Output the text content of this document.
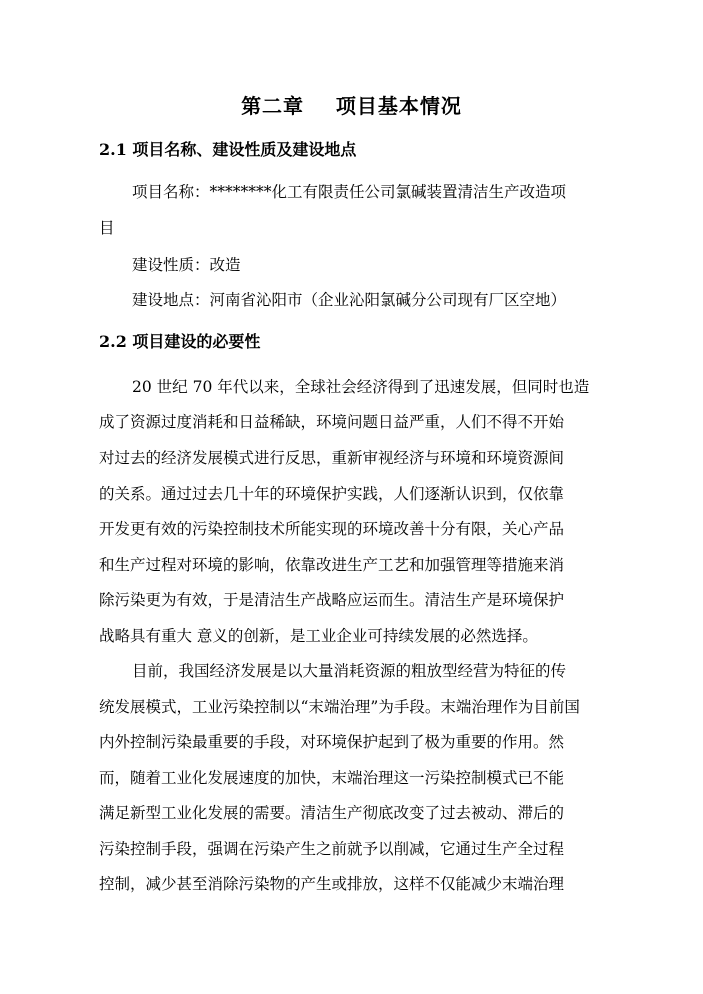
第二章    项目基本情况
2.1 项目名称、建设性质及建设地点
项目名称：********化工有限责任公司氯碱装置清洁生产改造项
目
建设性质：改造
建设地点：河南省沁阳市（企业沁阳氯碱分公司现有厂区空地）
2.2 项目建设的必要性
20 世纪 70 年代以来，全球社会经济得到了迅速发展，但同时也造
成了资源过度消耗和日益稀缺，环境问题日益严重，人们不得不开始
对过去的经济发展模式进行反思，重新审视经济与环境和环境资源间
的关系。通过过去几十年的环境保护实践，人们逐渐认识到，仅依靠
开发更有效的污染控制技术所能实现的环境改善十分有限，关心产品
和生产过程对环境的影响，依靠改进生产工艺和加强管理等措施来消
除污染更为有效，于是清洁生产战略应运而生。清洁生产是环境保护
战略具有重大 意义的创新，是工业企业可持续发展的必然选择。
目前，我国经济发展是以大量消耗资源的粗放型经营为特征的传
统发展模式，工业污染控制以“末端治理”为手段。末端治理作为目前国
内外控制污染最重要的手段，对环境保护起到了极为重要的作用。然
而，随着工业化发展速度的加快，末端治理这一污染控制模式已不能
满足新型工业化发展的需要。清洁生产彻底改变了过去被动、滞后的
污染控制手段，强调在污染产生之前就予以削减，它通过生产全过程
控制，减少甚至消除污染物的产生或排放，这样不仅能减少末端治理
